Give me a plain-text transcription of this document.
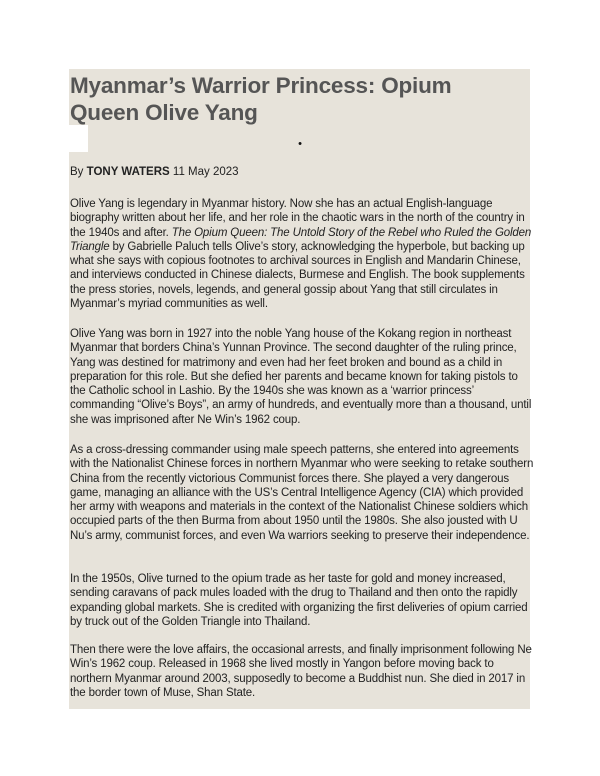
Myanmar’s Warrior Princess: Opium Queen Olive Yang
•
By TONY WATERS 11 May 2023

Olive Yang is legendary in Myanmar history. Now she has an actual English-language biography written about her life, and her role in the chaotic wars in the north of the country in the 1940s and after. The Opium Queen: The Untold Story of the Rebel who Ruled the Golden Triangle by Gabrielle Paluch tells Olive’s story, acknowledging the hyperbole, but backing up what she says with copious footnotes to archival sources in English and Mandarin Chinese, and interviews conducted in Chinese dialects, Burmese and English. The book supplements the press stories, novels, legends, and general gossip about Yang that still circulates in Myanmar’s myriad communities as well.

Olive Yang was born in 1927 into the noble Yang house of the Kokang region in northeast Myanmar that borders China’s Yunnan Province. The second daughter of the ruling prince, Yang was destined for matrimony and even had her feet broken and bound as a child in preparation for this role. But she defied her parents and became known for taking pistols to the Catholic school in Lashio. By the 1940s she was known as a ‘warrior princess’ commanding “Olive’s Boys”, an army of hundreds, and eventually more than a thousand, until she was imprisoned after Ne Win’s 1962 coup.

As a cross-dressing commander using male speech patterns, she entered into agreements with the Nationalist Chinese forces in northern Myanmar who were seeking to retake southern China from the recently victorious Communist forces there. She played a very dangerous game, managing an alliance with the US’s Central Intelligence Agency (CIA) which provided her army with weapons and materials in the context of the Nationalist Chinese soldiers which occupied parts of the then Burma from about 1950 until the 1980s. She also jousted with U Nu’s army, communist forces, and even Wa warriors seeking to preserve their independence.

In the 1950s, Olive turned to the opium trade as her taste for gold and money increased, sending caravans of pack mules loaded with the drug to Thailand and then onto the rapidly expanding global markets. She is credited with organizing the first deliveries of opium carried by truck out of the Golden Triangle into Thailand.

Then there were the love affairs, the occasional arrests, and finally imprisonment following Ne Win’s 1962 coup. Released in 1968 she lived mostly in Yangon before moving back to northern Myanmar around 2003, supposedly to become a Buddhist nun. She died in 2017 in the border town of Muse, Shan State.
